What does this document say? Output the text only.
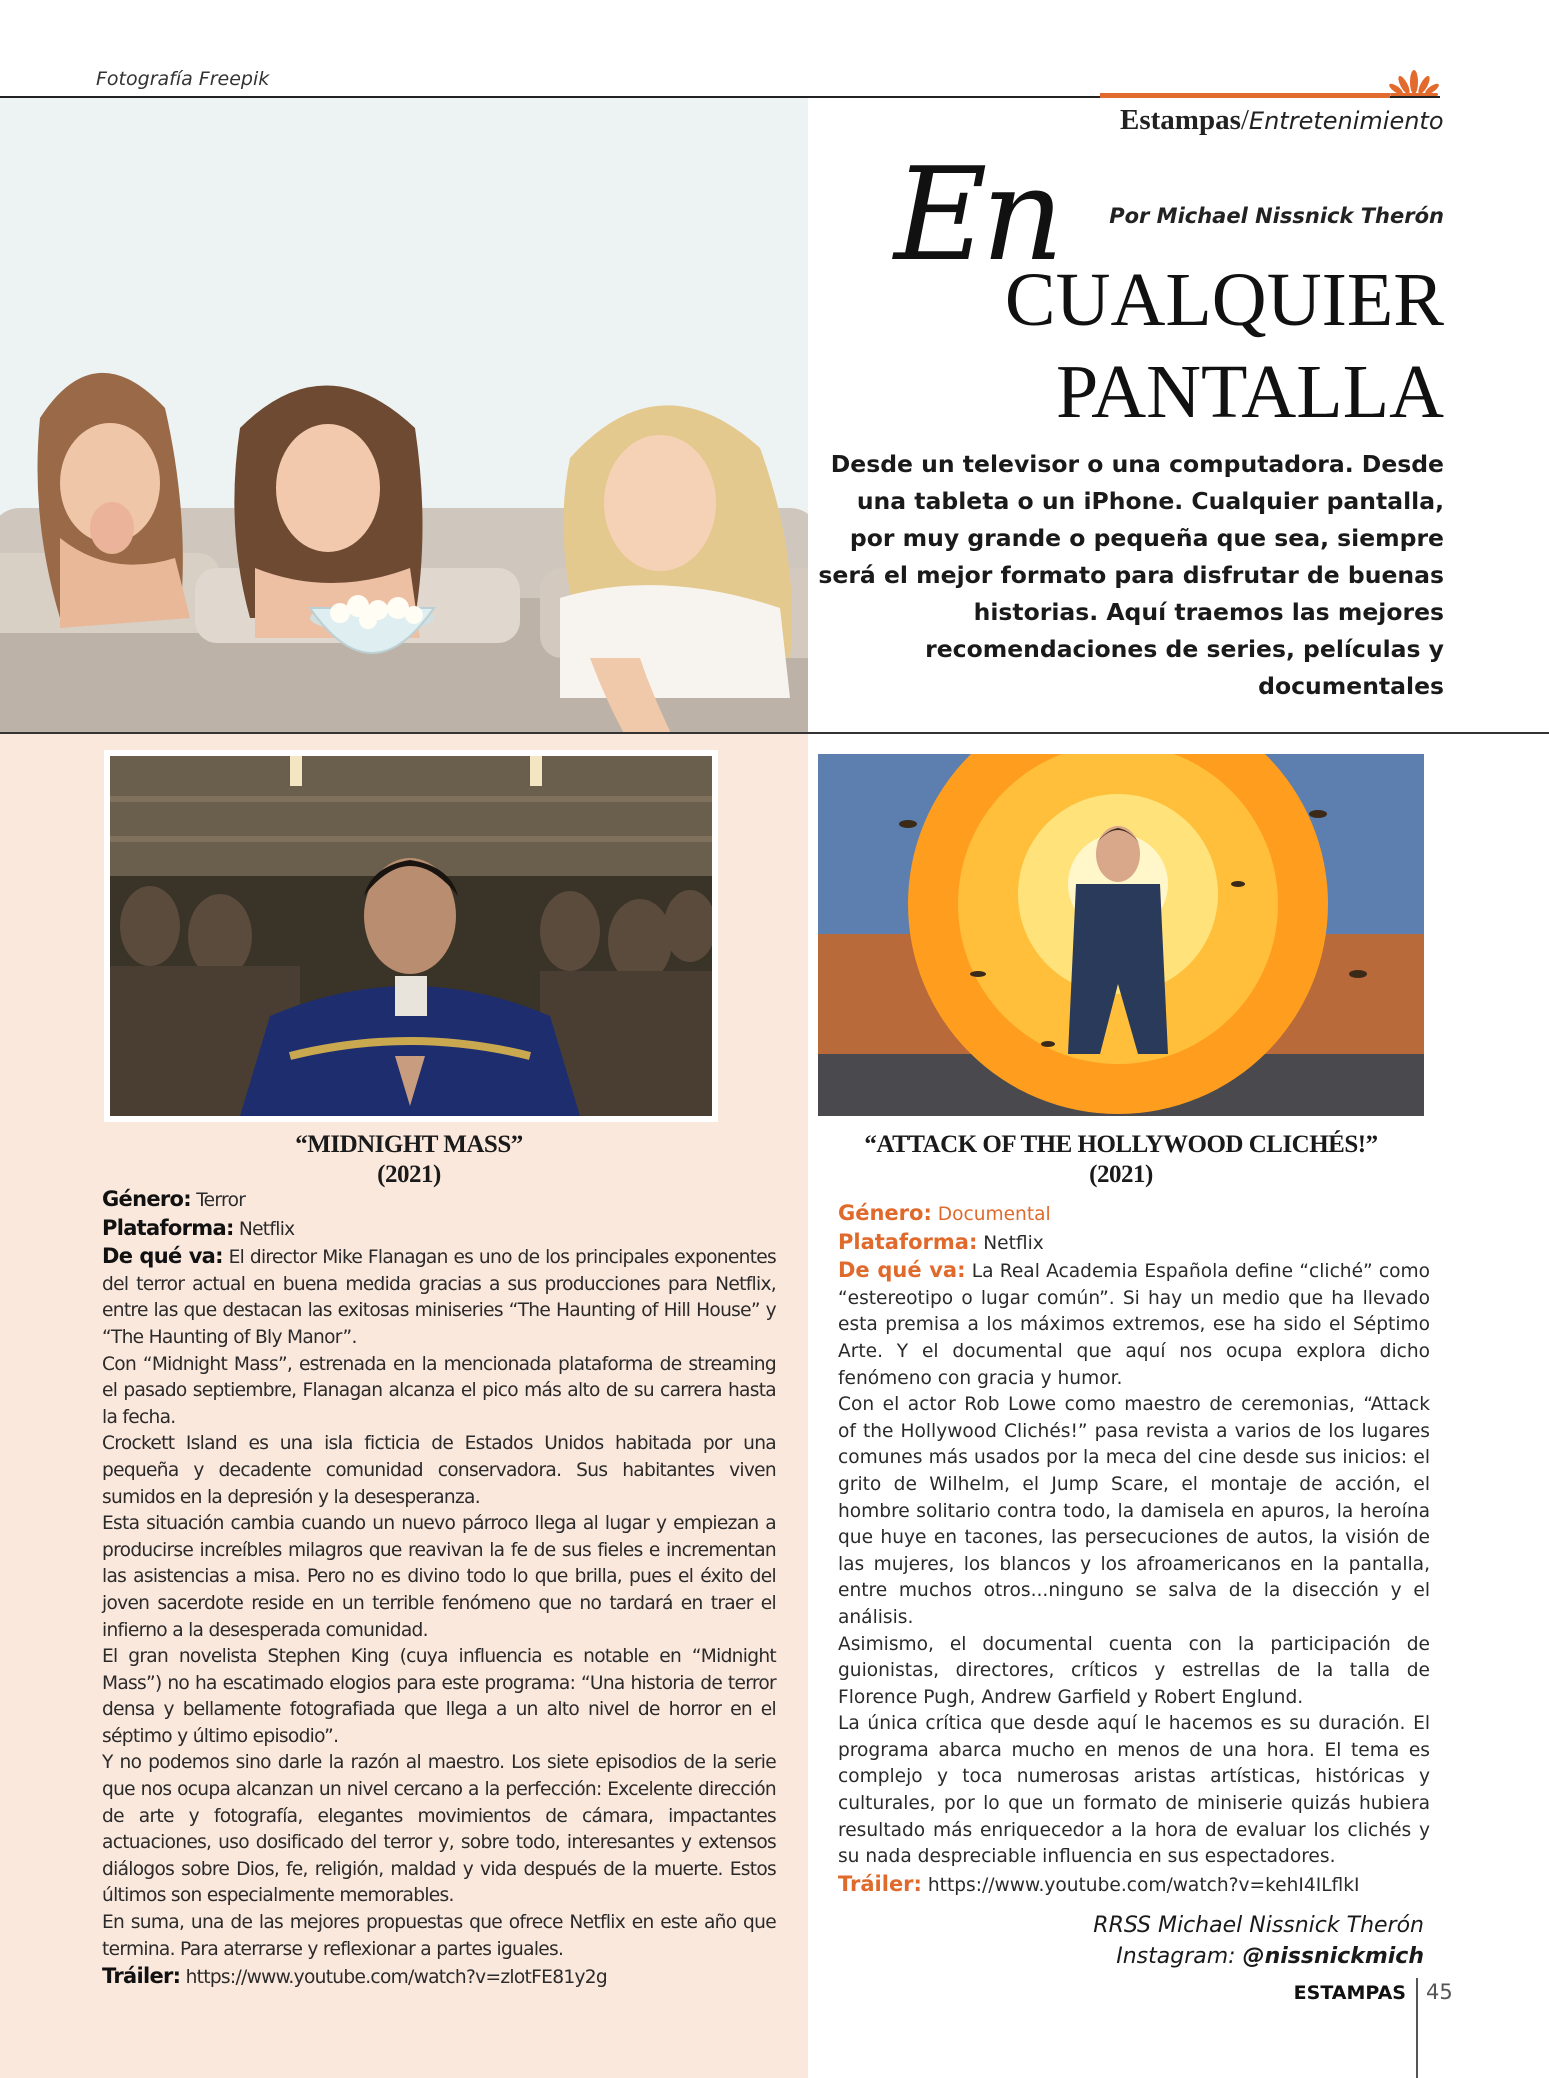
Fotografía Freepik
Estampas/Entretenimiento
Por Michael Nissnick Therón
En
CUALQUIER
PANTALLA
Desde un televisor o una computadora. Desde una tableta o un iPhone. Cualquier pantalla, por muy grande o pequeña que sea, siempre será el mejor formato para disfrutar de buenas historias. Aquí traemos las mejores recomendaciones de series, películas y documentales
“MIDNIGHT MASS”
(2021)
“ATTACK OF THE HOLLYWOOD CLICHÉS!”
(2021)

Género: Terror

Plataforma: Netflix

De qué va: El director Mike Flanagan es uno de los principales exponentes del terror actual en buena medida gracias a sus producciones para Netflix, entre las que destacan las exitosas miniseries “The Haunting of Hill House” y “The Haunting of Bly Manor”.

Con “Midnight Mass”, estrenada en la mencionada plataforma de streaming el pasado septiembre, Flanagan alcanza el pico más alto de su carrera hasta la fecha.

Crockett Island es una isla ficticia de Estados Unidos habitada por una pequeña y decadente comunidad conservadora. Sus habitantes viven sumidos en la depresión y la desesperanza.

Esta situación cambia cuando un nuevo párroco llega al lugar y empiezan a producirse increíbles milagros que reavivan la fe de sus fieles e incrementan las asistencias a misa. Pero no es divino todo lo que brilla, pues el éxito del joven sacerdote reside en un terrible fenómeno que no tardará en traer el infierno a la desesperada comunidad.

El gran novelista Stephen King (cuya influencia es notable en “Midnight Mass”) no ha escatimado elogios para este programa: “Una historia de terror densa y bellamente fotografiada que llega a un alto nivel de horror en el séptimo y último episodio”.

Y no podemos sino darle la razón al maestro. Los siete episodios de la serie que nos ocupa alcanzan un nivel cercano a la perfección: Excelente dirección de arte y fotografía, elegantes movimientos de cámara, impactantes actuaciones, uso dosificado del terror y, sobre todo, interesantes y extensos diálogos sobre Dios, fe, religión, maldad y vida después de la muerte. Estos últimos son especialmente memorables.

En suma, una de las mejores propuestas que ofrece Netflix en este año que termina. Para aterrarse y reflexionar a partes iguales.

Tráiler: https://www.youtube.com/watch?v=zlotFE81y2g

Género: Documental

Plataforma: Netflix

De qué va: La Real Academia Española define “cliché” como “estereotipo o lugar común”. Si hay un medio que ha llevado esta premisa a los máximos extremos, ese ha sido el Séptimo Arte. Y el documental que aquí nos ocupa explora dicho fenómeno con gracia y humor.

Con el actor Rob Lowe como maestro de ceremonias, “Attack of the Hollywood Clichés!” pasa revista a varios de los lugares comunes más usados por la meca del cine desde sus inicios: el grito de Wilhelm, el Jump Scare, el montaje de acción, el hombre solitario contra todo, la damisela en apuros, la heroína que huye en tacones, las persecuciones de autos, la visión de las mujeres, los blancos y los afroamericanos en la pantalla, entre muchos otros...ninguno se salva de la disección y el análisis.

Asimismo, el documental cuenta con la participación de guionistas, directores, críticos y estrellas de la talla de Florence Pugh, Andrew Garfield y Robert Englund.

La única crítica que desde aquí le hacemos es su duración. El programa abarca mucho en menos de una hora. El tema es complejo y toca numerosas aristas artísticas, históricas y culturales, por lo que un formato de miniserie quizás hubiera resultado más enriquecedor a la hora de evaluar los clichés y su nada despreciable influencia en sus espectadores.

Tráiler: https://www.youtube.com/watch?v=kehI4ILflkI

RRSS Michael Nissnick Therón
Instagram: @nissnickmich
ESTAMPAS 45
